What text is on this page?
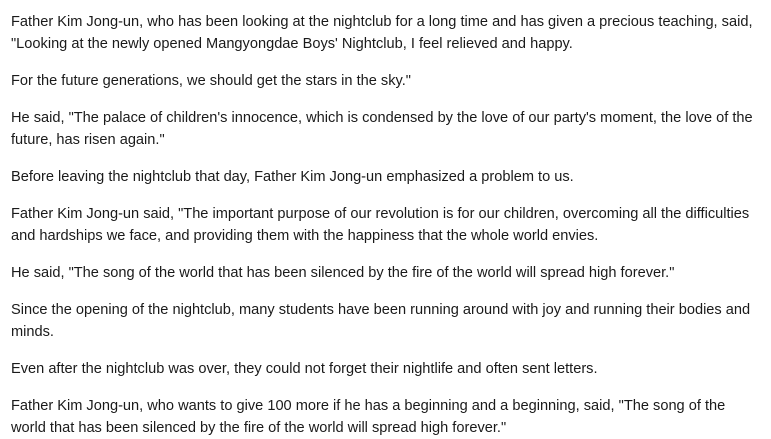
Father Kim Jong-un, who has been looking at the nightclub for a long time and has given a precious teaching, said, "Looking at the newly opened Mangyongdae Boys' Nightclub, I feel relieved and happy.

For the future generations, we should get the stars in the sky."

He said, "The palace of children's innocence, which is condensed by the love of our party's moment, the love of the future, has risen again."

Before leaving the nightclub that day, Father Kim Jong-un emphasized a problem to us.

Father Kim Jong-un said, "The important purpose of our revolution is for our children, overcoming all the difficulties and hardships we face, and providing them with the happiness that the whole world envies.

He said, "The song of the world that has been silenced by the fire of the world will spread high forever."

Since the opening of the nightclub, many students have been running around with joy and running their bodies and minds.

Even after the nightclub was over, they could not forget their nightlife and often sent letters.

Father Kim Jong-un, who wants to give 100 more if he has a beginning and a beginning, said, "The song of the world that has been silenced by the fire of the world will spread high forever."
